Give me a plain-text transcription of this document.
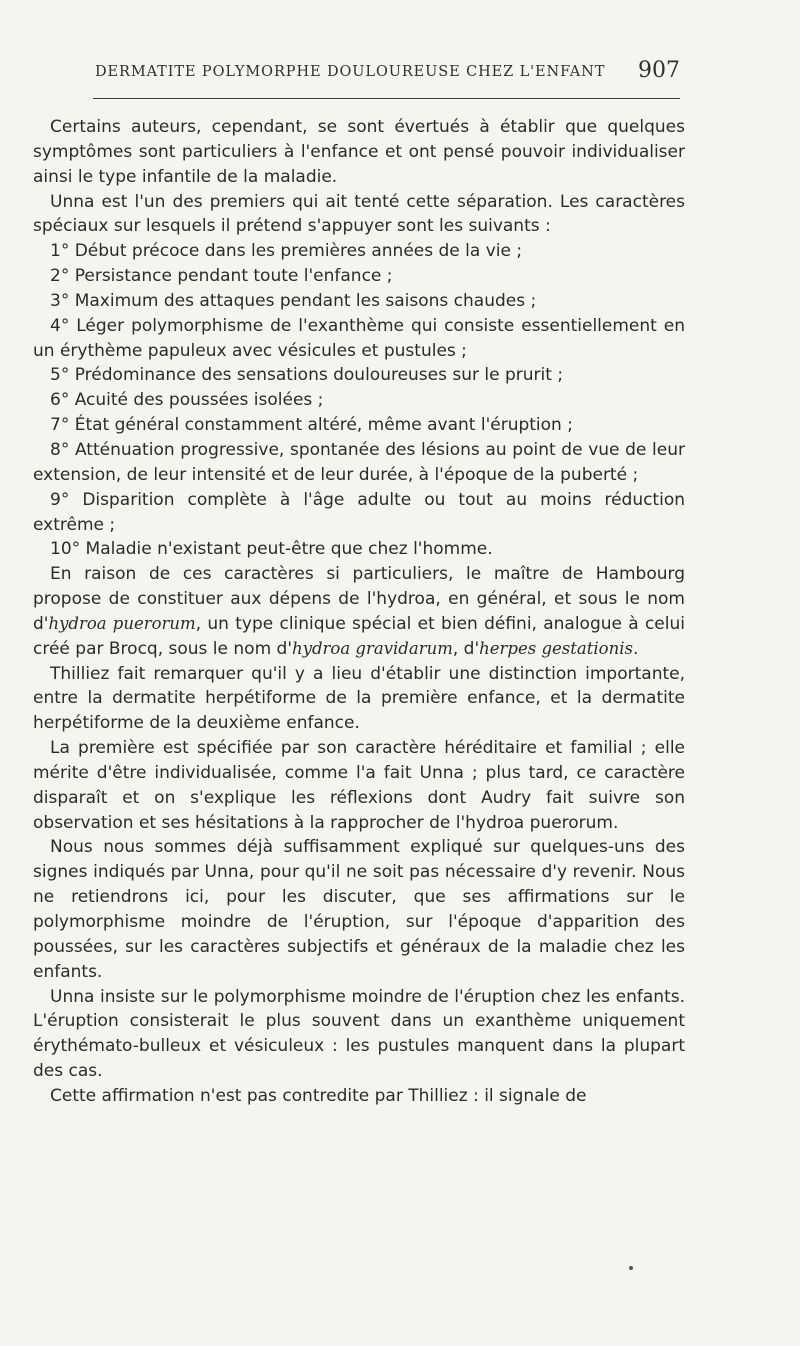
DERMATITE POLYMORPHE DOULOUREUSE CHEZ L'ENFANT 907

Certains auteurs, cependant, se sont évertués à établir que quelques symptômes sont particuliers à l'enfance et ont pensé pouvoir individualiser ainsi le type infantile de la maladie.

Unna est l'un des premiers qui ait tenté cette séparation. Les caractères spéciaux sur lesquels il prétend s'appuyer sont les suivants :

1° Début précoce dans les premières années de la vie ;

2° Persistance pendant toute l'enfance ;

3° Maximum des attaques pendant les saisons chaudes ;

4° Léger polymorphisme de l'exanthème qui consiste essentiellement en un érythème papuleux avec vésicules et pustules ;

5° Prédominance des sensations douloureuses sur le prurit ;

6° Acuité des poussées isolées ;

7° État général constamment altéré, même avant l'éruption ;

8° Atténuation progressive, spontanée des lésions au point de vue de leur extension, de leur intensité et de leur durée, à l'époque de la puberté ;

9° Disparition complète à l'âge adulte ou tout au moins réduction extrême ;

10° Maladie n'existant peut-être que chez l'homme.

En raison de ces caractères si particuliers, le maître de Hambourg propose de constituer aux dépens de l'hydroa, en général, et sous le nom d'hydroa puerorum, un type clinique spécial et bien défini, analogue à celui créé par Brocq, sous le nom d'hydroa gravidarum, d'herpes gestationis.

Thilliez fait remarquer qu'il y a lieu d'établir une distinction importante, entre la dermatite herpétiforme de la première enfance, et la dermatite herpétiforme de la deuxième enfance.

La première est spécifiée par son caractère héréditaire et familial ; elle mérite d'être individualisée, comme l'a fait Unna ; plus tard, ce caractère disparaît et on s'explique les réflexions dont Audry fait suivre son observation et ses hésitations à la rapprocher de l'hydroa puerorum.

Nous nous sommes déjà suffisamment expliqué sur quelques-uns des signes indiqués par Unna, pour qu'il ne soit pas nécessaire d'y revenir. Nous ne retiendrons ici, pour les discuter, que ses affirmations sur le polymorphisme moindre de l'éruption, sur l'époque d'apparition des poussées, sur les caractères subjectifs et généraux de la maladie chez les enfants.

Unna insiste sur le polymorphisme moindre de l'éruption chez les enfants. L'éruption consisterait le plus souvent dans un exanthème uniquement érythémato-bulleux et vésiculeux : les pustules manquent dans la plupart des cas.

Cette affirmation n'est pas contredite par Thilliez : il signale de
